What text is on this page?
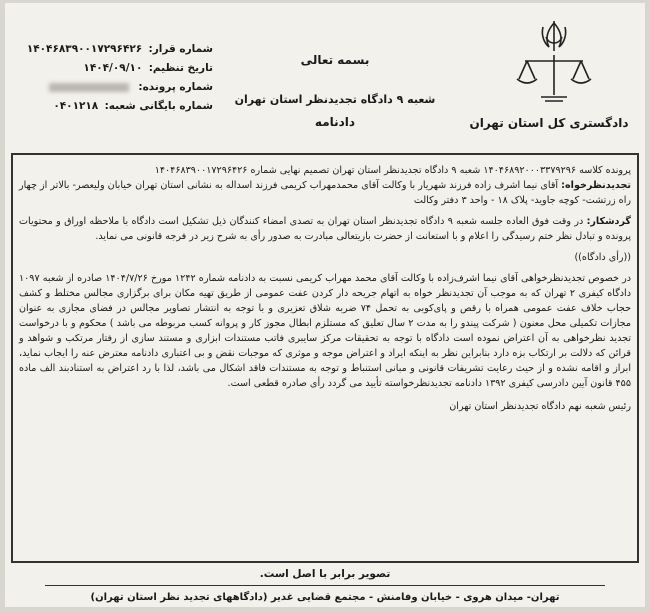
دادگستری کل استان تهران
بسمه تعالی
شعبه ۹ دادگاه تجدیدنظر استان تهران
دادنامه
شماره قرار: ۱۴۰۴۶۸۳۹۰۰۱۷۲۹۶۴۲۶
تاریخ تنظیم: ۱۴۰۴/۰۹/۱۰
شماره پرونده:
شماره بایگانی شعبه: ۰۴۰۱۲۱۸

پرونده کلاسه ۱۴۰۴۶۸۹۲۰۰۰۳۳۷۹۲۹۶ شعبه ۹ دادگاه تجدیدنظر استان تهران تصمیم نهایی شماره ۱۴۰۴۶۸۳۹۰۰۱۷۲۹۶۴۲۶

تجدیدنظرخواه: آقای نیما اشرف زاده فرزند شهریار با وکالت آقای محمدمهراب کریمی فرزند اسداله به نشانی استان تهران خیابان ولیعصر- بالاتر از چهار راه زرتشت- کوچه جاوید- پلاک ۱۸ - واحد ۳ دفتر وکالت

گردشکار: در وقت فوق العاده جلسه شعبه ۹ دادگاه تجدیدنظر استان تهران به تصدی امضاء کنندگان ذیل تشکیل است دادگاه با ملاحظه اوراق و محتویات پرونده و تبادل نظر ختم رسیدگی را اعلام و با استعانت از حضرت باریتعالی مبادرت به صدور رأی به شرح زیر در فرجه قانونی می نماید.

((رأی دادگاه))

در خصوص تجدیدنظرخواهی آقای نیما اشرف‌زاده با وکالت آقای محمد مهراب کریمی نسبت به دادنامه شماره ۱۲۴۲ مورخ ۱۴۰۴/۷/۲۶ صادره از شعبه ۱۰۹۷ دادگاه کیفری ۲ تهران که به موجب آن تجدیدنظر خواه به اتهام جریحه دار کردن عفت عمومی از طریق تهیه مکان برای برگزاری مجالس مختلط و کشف حجاب خلاف عفت عمومی همراه با رقص و پای‌کوبی به تحمل ۷۴ ضربه شلاق تعزیری و با توجه به انتشار تصاویر مجالس در فضای مجازی به عنوان مجازات تکمیلی محل معنون ( شرکت پیندو را به مدت ۲ سال تعلیق که مستلزم ابطال مجوز کار و پروانه کسب مربوطه می باشد ) محکوم و با درخواست تجدید نظرخواهی به آن اعتراض نموده است دادگاه با توجه به تحقیقات مرکز سایبری فاتب مستندات ابزاری و مستند سازی از رفتار مرتکب و شواهد و قرائن که دلالت بر ارتکاب بزه دارد بنابراین نظر به اینکه ایراد و اعتراض موجه و موثری که موجبات نقض و بی اعتباری دادنامه معترض عنه را ایجاب نماید، ابراز و اقامه نشده و از حیث رعایت تشریفات قانونی و مبانی استنباط و توجه به مستندات فاقد اشکال می باشد، لذا با رد اعتراض به استنادبند الف ماده ۴۵۵ قانون آیین دادرسی کیفری ۱۳۹۲ دادنامه تجدیدنظرخواسته تأیید می گردد رأی صادره قطعی است.

رئیس شعبه نهم دادگاه تجدیدنظر استان تهران

تصویر برابر با اصل است.
تهران- میدان هروی - خیابان وفامنش - مجتمع قضایی غدیر (دادگاههای تجدید نظر استان تهران)
